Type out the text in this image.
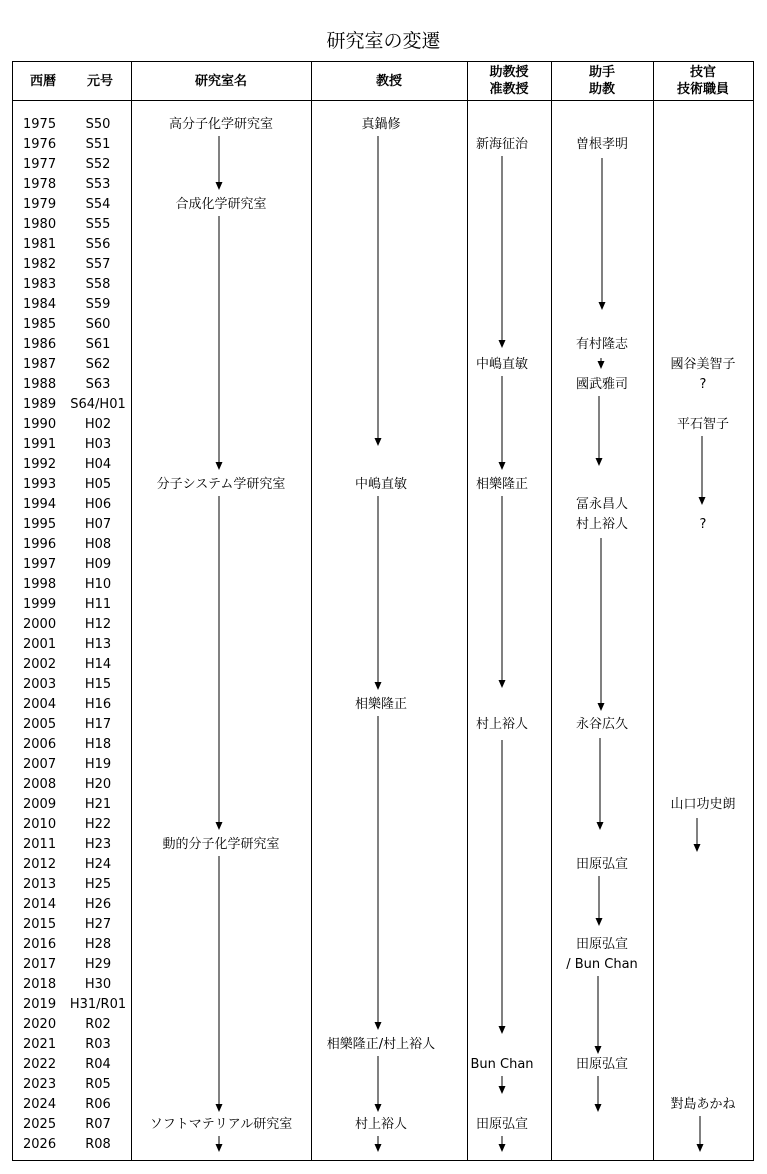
研究室の変遷
西暦 元号	研究室名	教授
助教授
准教授
助手
助教
技官
技術職員
1975 S50
1976 S51
1977 S52
1978 S53
1979 S54
1980 S55
1981 S56
1982 S57
1983 S58
1984 S59
1985 S60
1986 S61
1987 S62
1988 S63
1989 S64/H01
1990 H02
1991 H03
1992 H04
1993 H05
1994 H06
1995 H07
1996 H08
1997 H09
1998 H10
1999 H11
2000 H12
2001 H13
2002 H14
2003 H15
2004 H16
2005 H17
2006 H18
2007 H19
2008 H20
2009 H21
2010 H22
2011 H23
2012 H24
2013 H25
2014 H26
2015 H27
2016 H28
2017 H29
2018 H30
2019 H31/R01
2020 R02
2021 R03
2022 R04
2023 R05
2024 R06
2025 R07
2026 R08
高分子化学研究室
合成化学研究室
分子システム学研究室
動的分子化学研究室
ソフトマテリアル研究室
真鍋修
中嶋直敏
相樂隆正
相樂隆正/村上裕人
村上裕人
新海征治
中嶋直敏
相樂隆正
村上裕人
Bun Chan
田原弘宣
曽根孝明
有村隆志
國武雅司
冨永昌人
村上裕人
永谷広久
田原弘宣
田原弘宣
/ Bun Chan
田原弘宣
國谷美智子
?
平石智子
?
山口功史朗
對島あかね
